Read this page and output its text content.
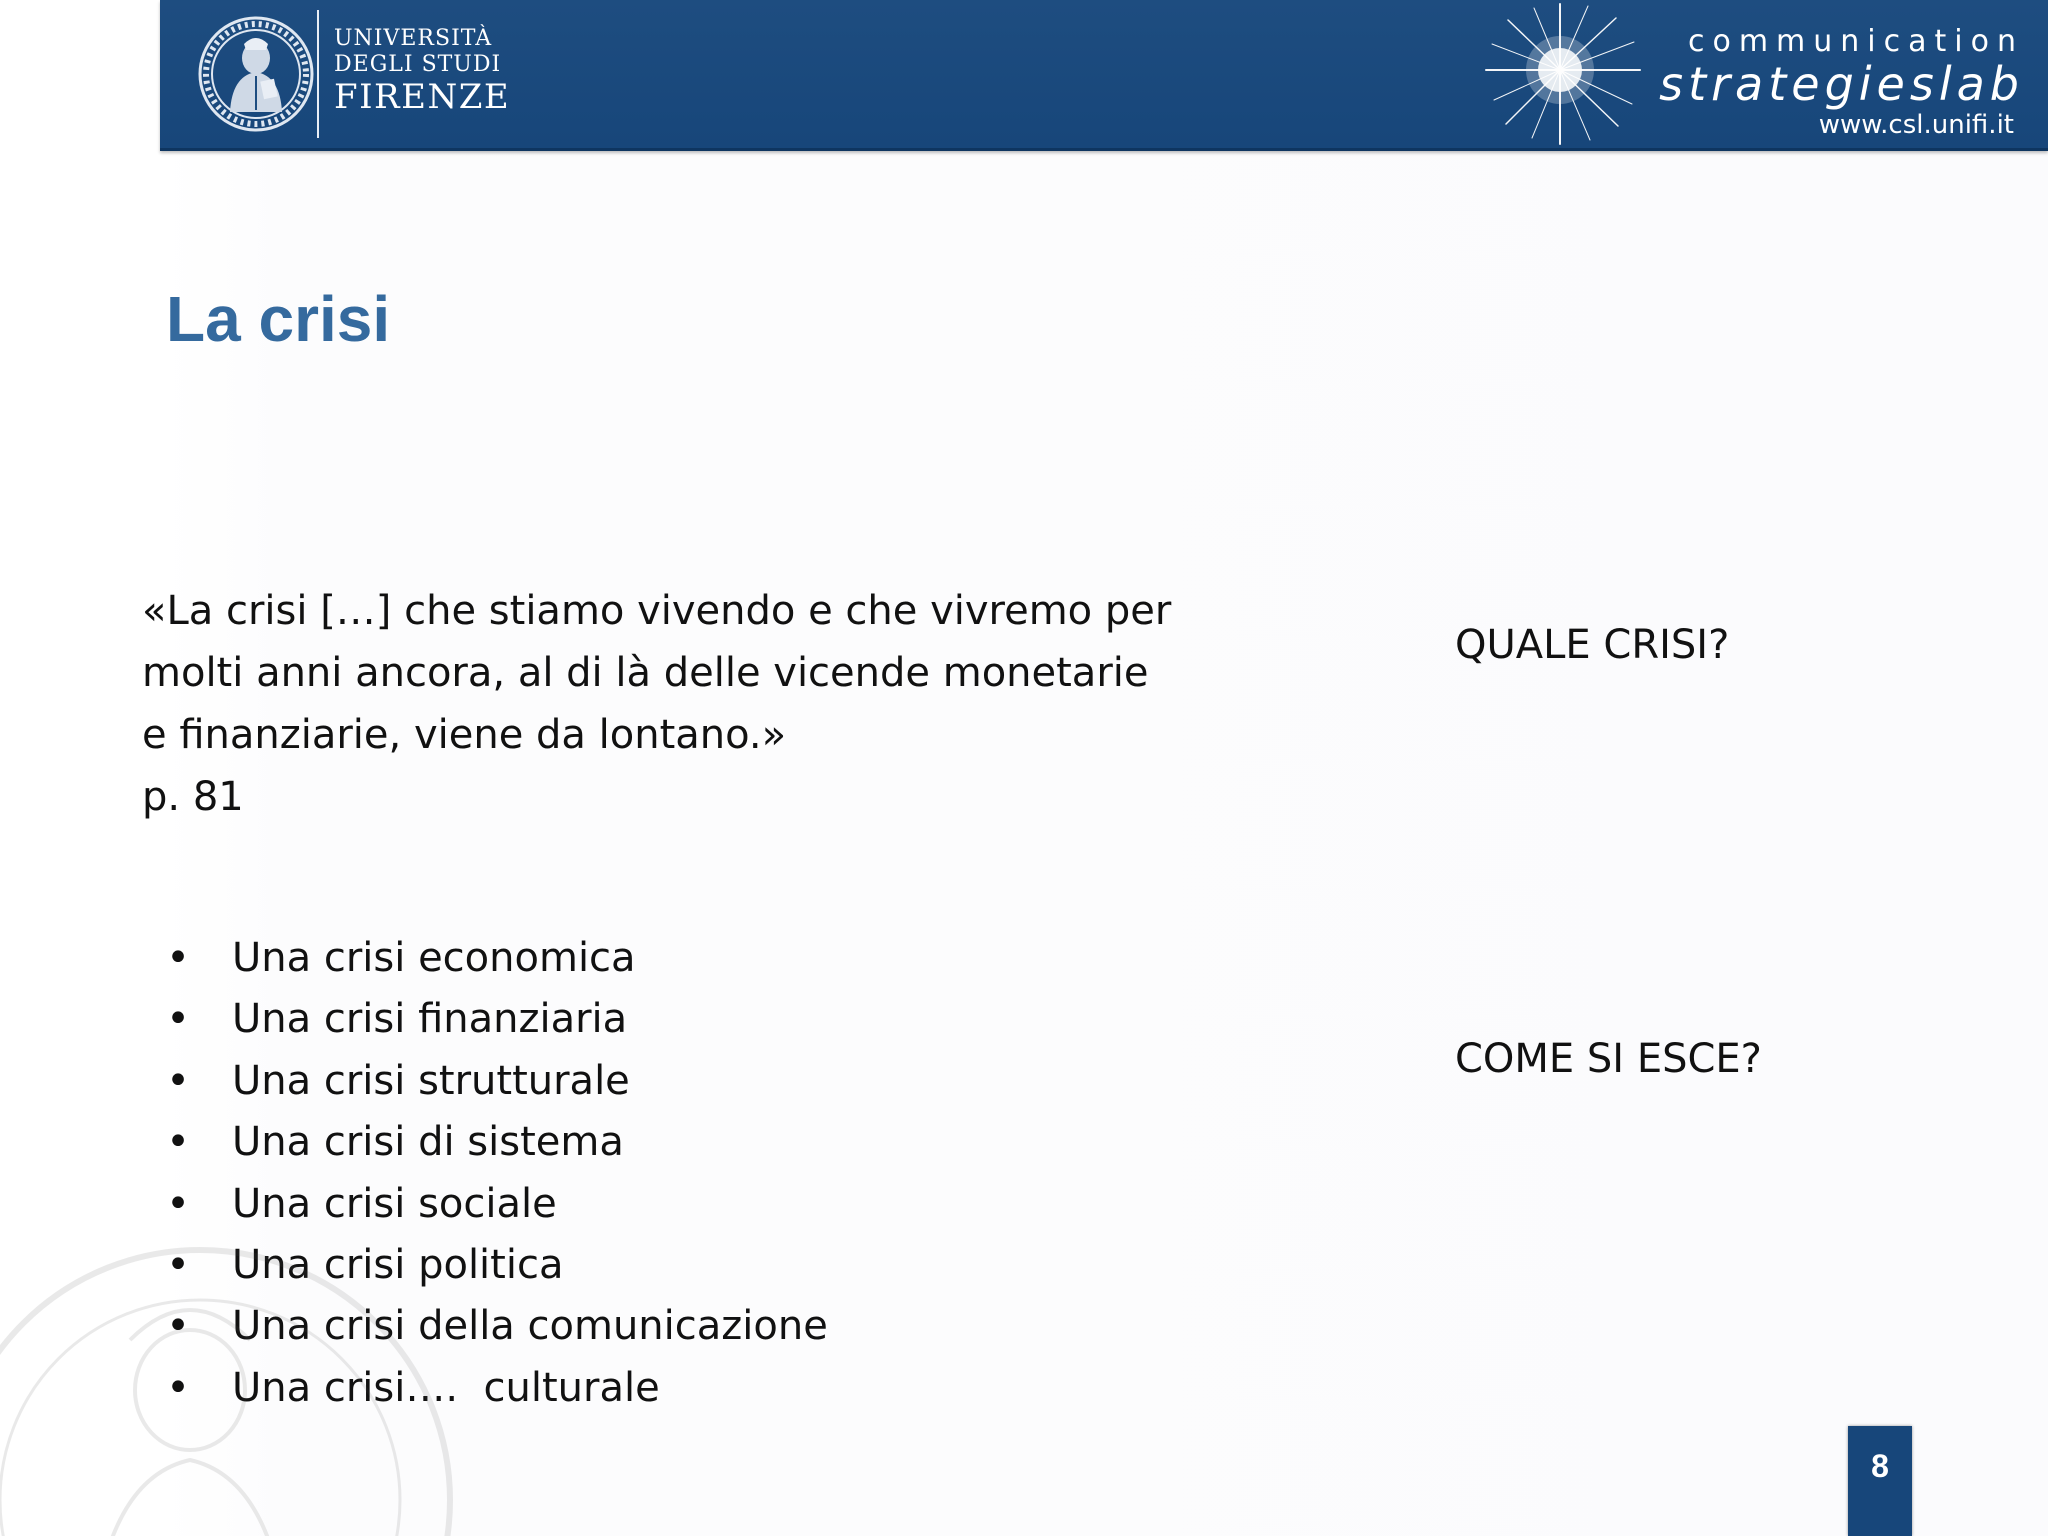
UNIVERSITÀ
DEGLI STUDI
FIRENZE
communication
strategieslab
www.csl.unifi.it
La crisi
«La crisi […] che stiamo vivendo e che vivremo per
molti anni ancora, al di là delle vicende monetarie
e finanziarie, viene da lontano.»
p. 81
QUALE CRISI?
COME SI ESCE?
• Una crisi economica
• Una crisi finanziaria
• Una crisi strutturale
• Una crisi di sistema
• Una crisi sociale
• Una crisi politica
• Una crisi della comunicazione
• Una crisi….  culturale
8
